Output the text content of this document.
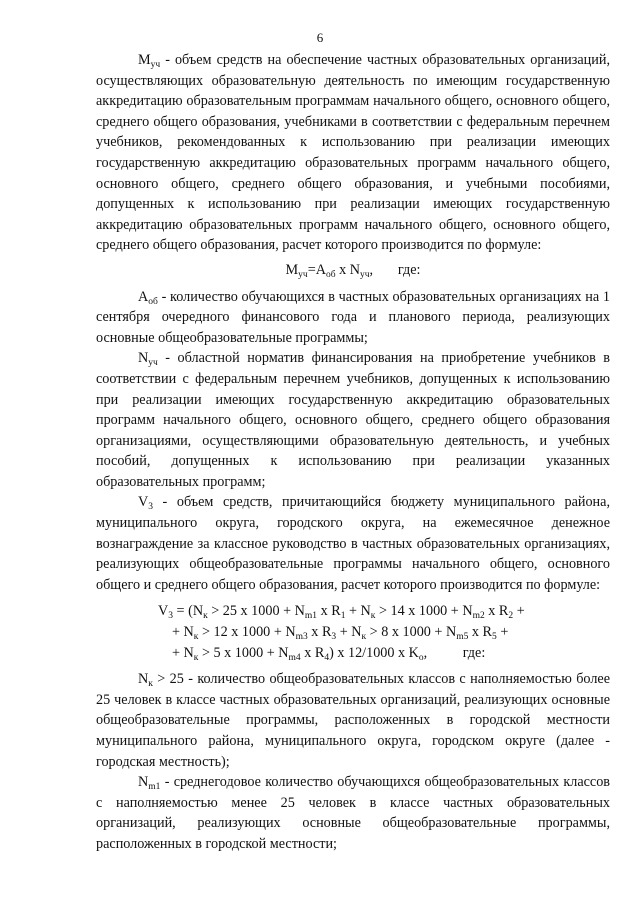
6

$M_{уч}$ - объем средств на обеспечение частных образовательных организаций, осуществляющих образовательную деятельность по имеющим государственную аккредитацию образовательным программам начального общего, основного общего, среднего общего образования, учебниками в соответствии с федеральным перечнем учебников, рекомендованных к использованию при реализации имеющих государственную аккредитацию образовательных программ начального общего, основного общего, среднего общего образования, и учебными пособиями, допущенных к использованию при реализации имеющих государственную аккредитацию образовательных программ начального общего, основного общего, среднего общего образования, расчет которого производится по формуле:

$M_{уч}=A_{об}$ x $N_{уч}$,       где:

$A_{об}$ - количество обучающихся в частных образовательных организациях на 1 сентября очередного финансового года и планового периода, реализующих основные общеобразовательные программы;

$N_{уч}$ - областной норматив финансирования на приобретение учебников в соответствии с федеральным перечнем учебников, допущенных к использованию при реализации имеющих государственную аккредитацию образовательных программ начального общего, основного общего, среднего общего образования организациями, осуществляющими образовательную деятельность, и учебных пособий, допущенных к использованию при реализации указанных образовательных программ;

$V_3$ - объем средств, причитающийся бюджету муниципального района, муниципального округа, городского округа, на ежемесячное денежное вознаграждение за классное руководство в частных образовательных организациях, реализующих общеобразовательные программы начального общего, основного общего и среднего общего образования, расчет которого производится по формуле:

$V_3 = (N_к > 25$ x $1000 + N_{m1}$ x $R_1 + N_к > 14$ x $1000 + N_{m2}$ x $R_2$ +
+ $N_к > 12$ x $1000 + N_{m3}$ x $R_3 + N_к > 8$ x $1000 + N_{m5}$ x $R_5$ +
+ $N_к > 5$ x $1000 + N_{m4}$ x $R_4$) x 12/1000 x $K_о$,          где:

$N_к > 25$ - количество общеобразовательных классов с наполняемостью более 25 человек в классе частных образовательных организаций, реализующих основные общеобразовательные программы, расположенных в городской местности муниципального района, муниципального округа, городском округе (далее - городская местность);

$N_{m1}$ - среднегодовое количество обучающихся общеобразовательных классов с наполняемостью менее 25 человек в классе частных образовательных организаций, реализующих основные общеобразовательные программы, расположенных в городской местности;
